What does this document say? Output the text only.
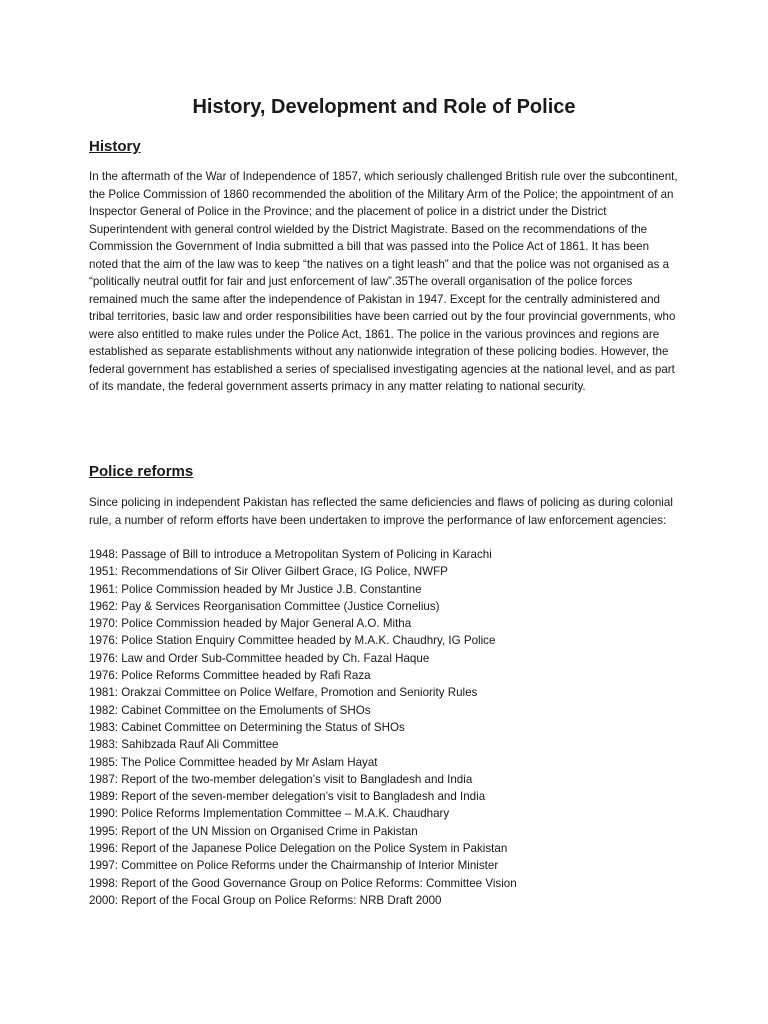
History, Development and Role of Police
History

In the aftermath of the War of Independence of 1857, which seriously challenged British rule over the subcontinent, the Police Commission of 1860 recommended the abolition of the Military Arm of the Police; the appointment of an Inspector General of Police in the Province; and the placement of police in a district under the District Superintendent with general control wielded by the District Magistrate. Based on the recommendations of the Commission the Government of India submitted a bill that was passed into the Police Act of 1861. It has been noted that the aim of the law was to keep “the natives on a tight leash” and that the police was not organised as a “politically neutral outfit for fair and just enforcement of law”.35The overall organisation of the police forces remained much the same after the independence of Pakistan in 1947. Except for the centrally administered and tribal territories, basic law and order responsibilities have been carried out by the four provincial governments, who were also entitled to make rules under the Police Act, 1861. The police in the various provinces and regions are established as separate establishments without any nationwide integration of these policing bodies. However, the federal government has established a series of specialised investigating agencies at the national level, and as part of its mandate, the federal government asserts primacy in any matter relating to national security.

Police reforms

Since policing in independent Pakistan has reflected the same deficiencies and flaws of policing as during colonial rule, a number of reform efforts have been undertaken to improve the performance of law enforcement agencies:

1948: Passage of Bill to introduce a Metropolitan System of Policing in Karachi
1951: Recommendations of Sir Oliver Gilbert Grace, IG Police, NWFP
1961: Police Commission headed by Mr Justice J.B. Constantine
1962: Pay & Services Reorganisation Committee (Justice Cornelius)
1970: Police Commission headed by Major General A.O. Mitha
1976: Police Station Enquiry Committee headed by M.A.K. Chaudhry, IG Police
1976: Law and Order Sub-Committee headed by Ch. Fazal Haque
1976: Police Reforms Committee headed by Rafi Raza
1981: Orakzai Committee on Police Welfare, Promotion and Seniority Rules
1982: Cabinet Committee on the Emoluments of SHOs
1983: Cabinet Committee on Determining the Status of SHOs
1983: Sahibzada Rauf Ali Committee
1985: The Police Committee headed by Mr Aslam Hayat
1987: Report of the two-member delegation’s visit to Bangladesh and India
1989: Report of the seven-member delegation’s visit to Bangladesh and India
1990: Police Reforms Implementation Committee – M.A.K. Chaudhary
1995: Report of the UN Mission on Organised Crime in Pakistan
1996: Report of the Japanese Police Delegation on the Police System in Pakistan
1997: Committee on Police Reforms under the Chairmanship of Interior Minister
1998: Report of the Good Governance Group on Police Reforms: Committee Vision
2000: Report of the Focal Group on Police Reforms: NRB Draft 2000
